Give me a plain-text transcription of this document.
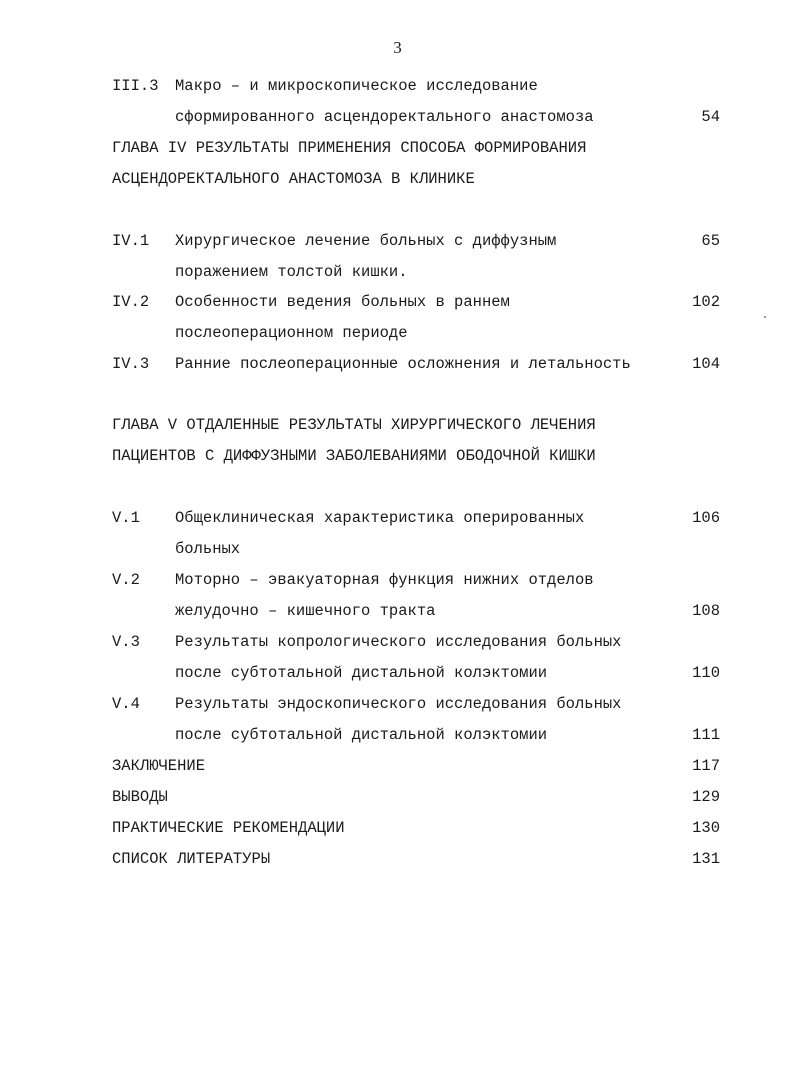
3
III.3 Макро – и микроскопическое исследование
сформированного асцендоректального анастомоза	54
ГЛАВА IV РЕЗУЛЬТАТЫ ПРИМЕНЕНИЯ СПОСОБА ФОРМИРОВАНИЯ
АСЦЕНДОРЕКТАЛЬНОГО АНАСТОМОЗА В КЛИНИКЕ
IV.1 Хирургическое лечение больных с диффузным	65
поражением толстой кишки.
IV.2 Особенности ведения больных в раннем	102
послеоперационном периоде
IV.3 Ранние послеоперационные осложнения и летальность	104
ГЛАВА V ОТДАЛЕННЫЕ РЕЗУЛЬТАТЫ ХИРУРГИЧЕСКОГО ЛЕЧЕНИЯ
ПАЦИЕНТОВ С ДИФФУЗНЫМИ ЗАБОЛЕВАНИЯМИ ОБОДОЧНОЙ КИШКИ
V.1 Общеклиническая характеристика оперированных	106
больных
V.2 Моторно – эвакуаторная функция нижних отделов
желудочно – кишечного тракта	108
V.3 Результаты копрологического исследования больных
после субтотальной дистальной колэктомии	110
V.4 Результаты эндоскопического исследования больных
после субтотальной дистальной колэктомии	111
ЗАКЛЮЧЕНИЕ	117
ВЫВОДЫ	129
ПРАКТИЧЕСКИЕ РЕКОМЕНДАЦИИ	130
СПИСОК ЛИТЕРАТУРЫ	131
